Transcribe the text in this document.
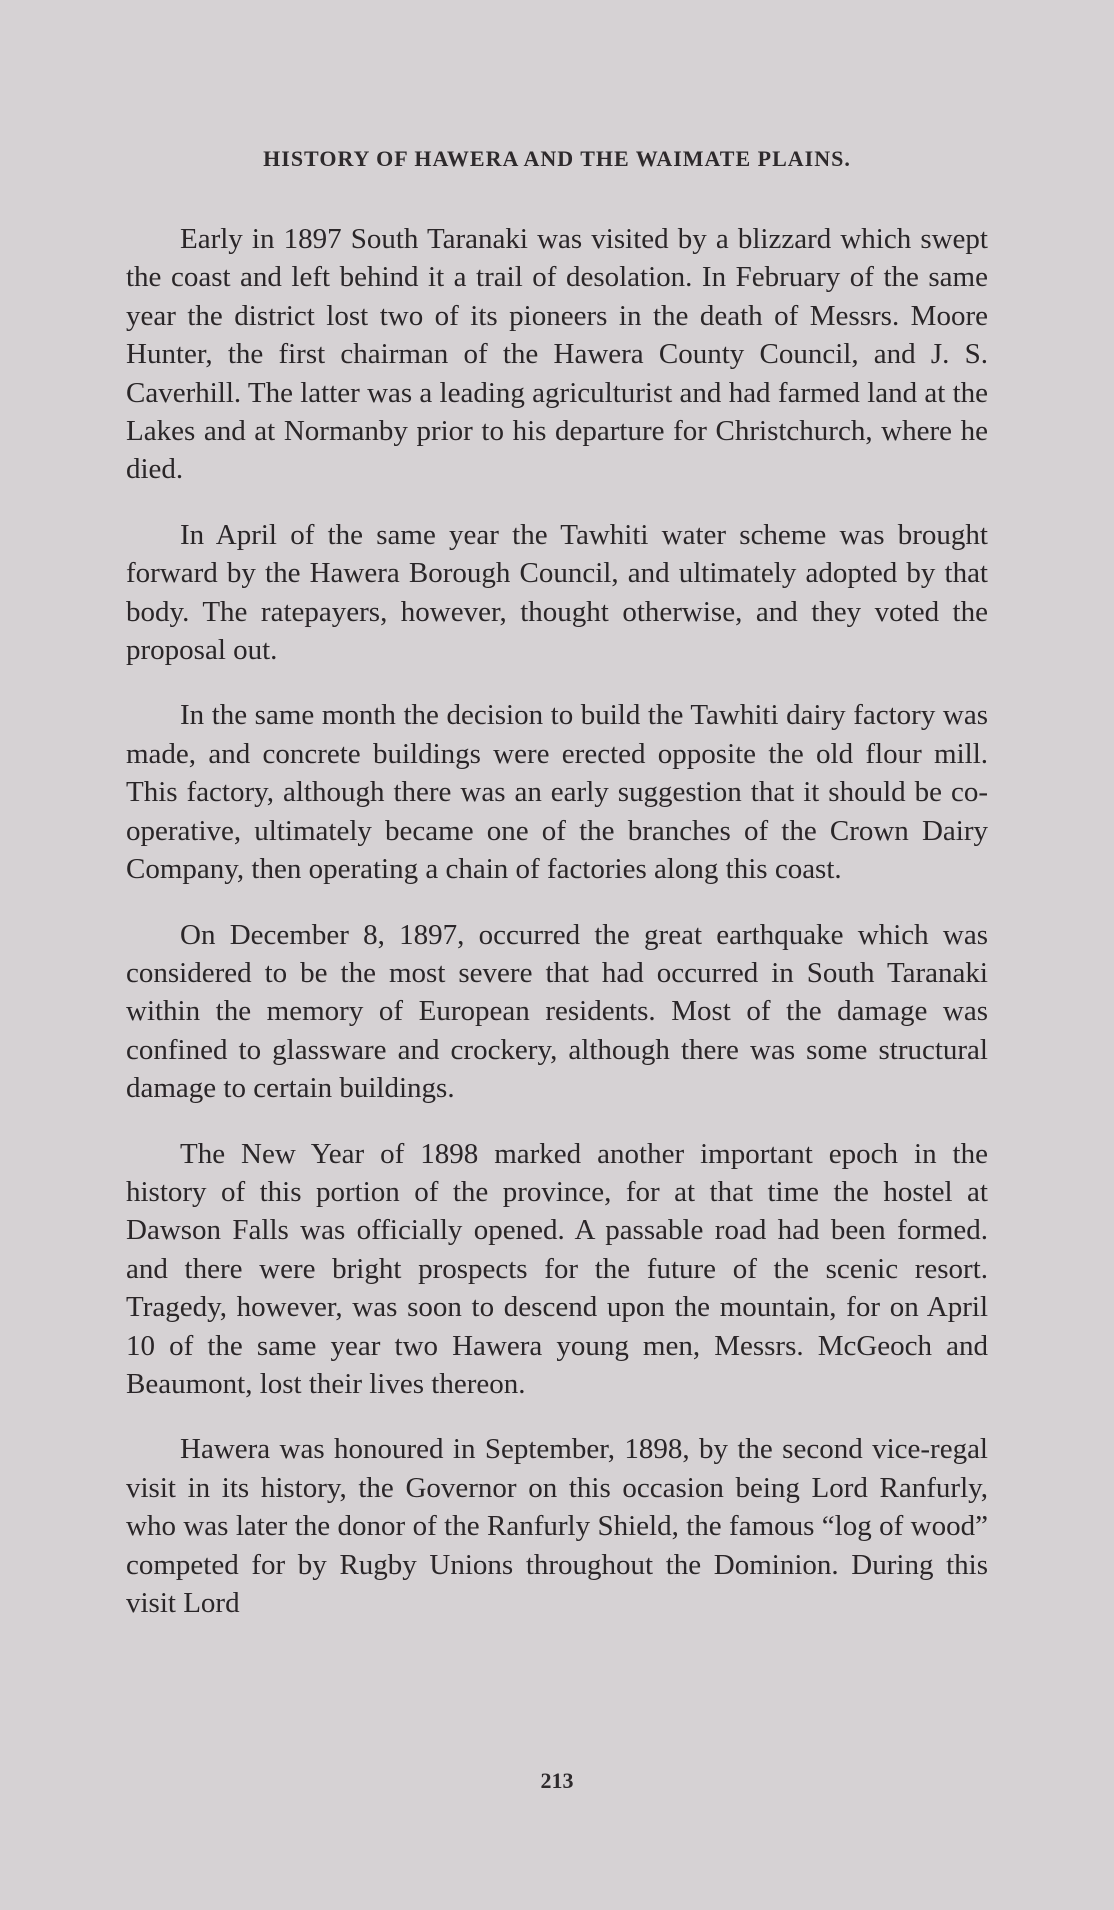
HISTORY OF HAWERA AND THE WAIMATE PLAINS.

Early in 1897 South Taranaki was visited by a blizzard which swept the coast and left behind it a trail of desolation. In February of the same year the district lost two of its pioneers in the death of Messrs. Moore Hunter, the first chairman of the Hawera County Council, and J. S. Caverhill. The latter was a leading agriculturist and had farmed land at the Lakes and at Normanby prior to his departure for Christchurch, where he died.

In April of the same year the Tawhiti water scheme was brought forward by the Hawera Borough Council, and ultimately adopted by that body. The ratepayers, however, thought otherwise, and they voted the proposal out.

In the same month the decision to build the Tawhiti dairy factory was made, and concrete buildings were erected opposite the old flour mill. This factory, although there was an early suggestion that it should be co-operative, ultimately became one of the branches of the Crown Dairy Company, then operating a chain of factories along this coast.

On December 8, 1897, occurred the great earthquake which was considered to be the most severe that had occurred in South Taranaki within the memory of European residents. Most of the damage was confined to glassware and crockery, although there was some structural damage to certain buildings.

The New Year of 1898 marked another important epoch in the history of this portion of the province, for at that time the hostel at Dawson Falls was officially opened. A passable road had been formed. and there were bright prospects for the future of the scenic resort. Tragedy, however, was soon to descend upon the mountain, for on April 10 of the same year two Hawera young men, Messrs. McGeoch and Beaumont, lost their lives thereon.

Hawera was honoured in September, 1898, by the second vice-regal visit in its history, the Governor on this occasion being Lord Ranfurly, who was later the donor of the Ranfurly Shield, the famous “log of wood” competed for by Rugby Unions throughout the Dominion. During this visit Lord

213
